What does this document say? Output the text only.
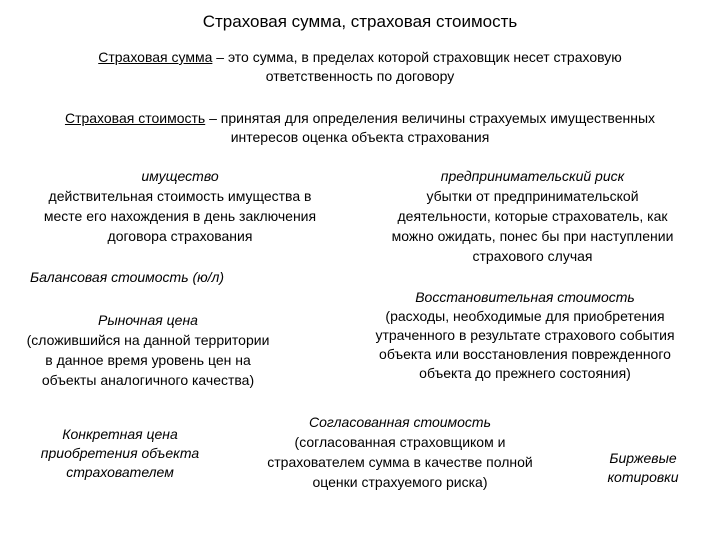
Страховая сумма, страховая стоимость
Страховая сумма – это сумма, в пределах которой страховщик несет страховую
ответственность по договору
Страховая стоимость – принятая для определения величины страхуемых имущественных
интересов оценка объекта страхования
имущество
действительная стоимость имущества в
месте его нахождения в день заключения
договора страхования
предпринимательский риск
убытки от предпринимательской
деятельности, которые страхователь, как
можно ожидать, понес бы при наступлении
страхового случая
Балансовая стоимость (ю/л)
Восстановительная стоимость
(расходы, необходимые для приобретения
утраченного в результате страхового события
объекта или восстановления поврежденного
объекта до прежнего состояния)
Рыночная цена
(сложившийся на данной территории
в данное время уровень цен на
объекты аналогичного качества)
Согласованная стоимость
(согласованная страховщиком и
страхователем сумма в качестве полной
оценки страхуемого риска)
Конкретная цена
приобретения объекта
страхователем
Биржевые
котировки
